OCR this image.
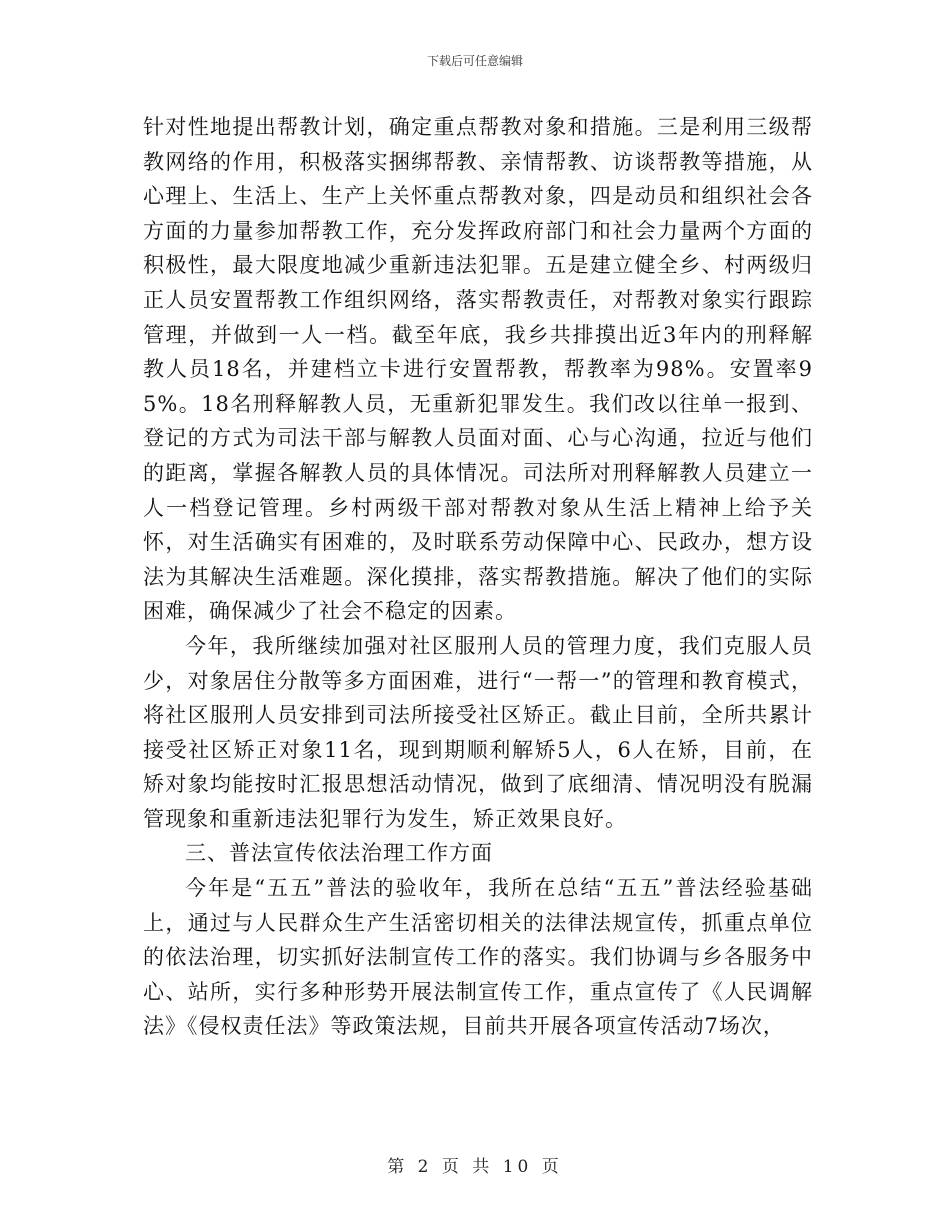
下载后可任意编辑

针对性地提出帮教计划，确定重点帮教对象和措施。三是利用三级帮教网络的作用，积极落实捆绑帮教、亲情帮教、访谈帮教等措施，从心理上、生活上、生产上关怀重点帮教对象，四是动员和组织社会各方面的力量参加帮教工作，充分发挥政府部门和社会力量两个方面的积极性，最大限度地减少重新违法犯罪。五是建立健全乡、村两级归正人员安置帮教工作组织网络，落实帮教责任，对帮教对象实行跟踪管理，并做到一人一档。截至年底，我乡共排摸出近3年内的刑释解教人员18名，并建档立卡进行安置帮教，帮教率为98%。安置率95%。18名刑释解教人员，无重新犯罪发生。我们改以往单一报到、登记的方式为司法干部与解教人员面对面、心与心沟通，拉近与他们的距离，掌握各解教人员的具体情况。司法所对刑释解教人员建立一人一档登记管理。乡村两级干部对帮教对象从生活上精神上给予关怀，对生活确实有困难的，及时联系劳动保障中心、民政办，想方设法为其解决生活难题。深化摸排，落实帮教措施。解决了他们的实际困难，确保减少了社会不稳定的因素。

今年，我所继续加强对社区服刑人员的管理力度，我们克服人员少，对象居住分散等多方面困难，进行“一帮一”的管理和教育模式，将社区服刑人员安排到司法所接受社区矫正。截止目前，全所共累计接受社区矫正对象11名，现到期顺利解矫5人，6人在矫，目前，在矫对象均能按时汇报思想活动情况，做到了底细清、情况明没有脱漏管现象和重新违法犯罪行为发生，矫正效果良好。

三、普法宣传依法治理工作方面

今年是“五五”普法的验收年，我所在总结“五五”普法经验基础上，通过与人民群众生产生活密切相关的法律法规宣传，抓重点单位的依法治理，切实抓好法制宣传工作的落实。我们协调与乡各服务中心、站所，实行多种形势开展法制宣传工作，重点宣传了《人民调解法》《侵权责任法》等政策法规，目前共开展各项宣传活动7场次，

第 2 页 共 10 页
